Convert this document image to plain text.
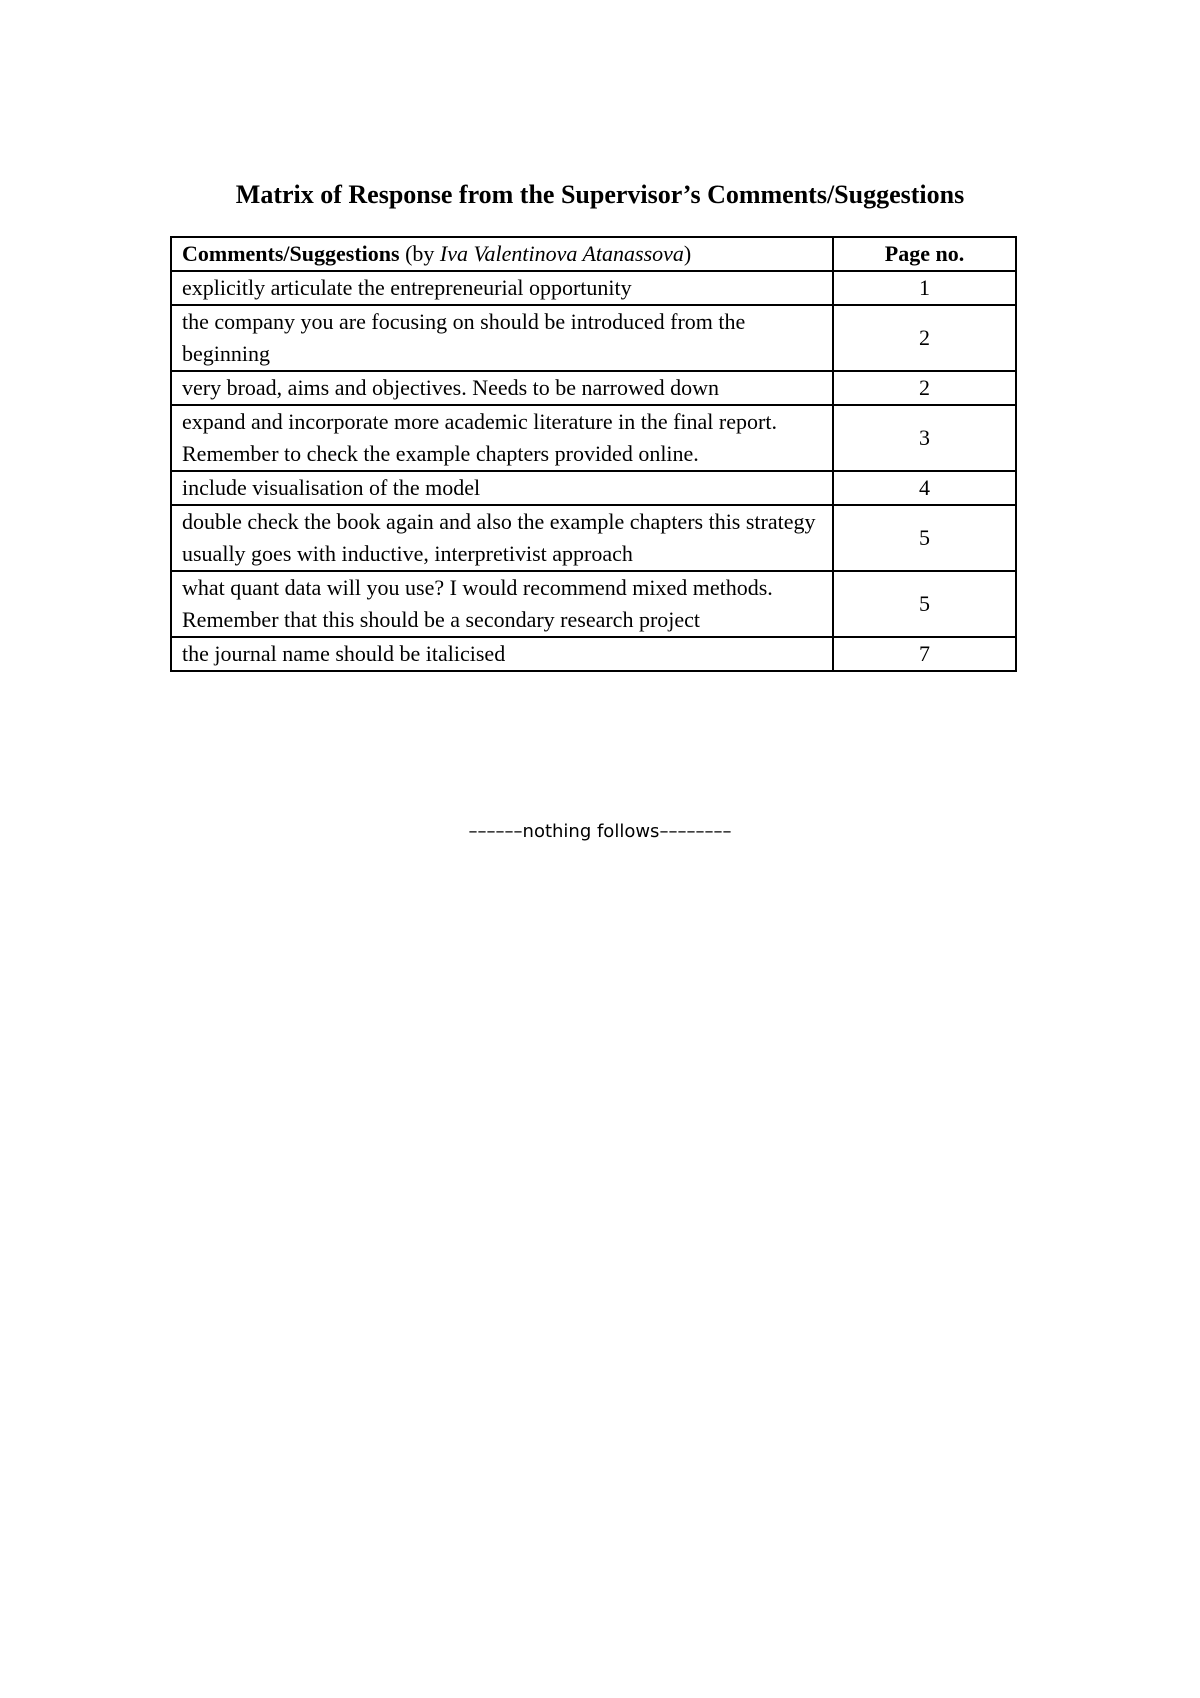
Matrix of Response from the Supervisor’s Comments/Suggestions
Comments/Suggestions (by Iva Valentinova Atanassova)	Page no.
explicitly articulate the entrepreneurial opportunity	1
the company you are focusing on should be introduced from the beginning	2
very broad, aims and objectives. Needs to be narrowed down	2
expand and incorporate more academic literature in the final report. Remember to check the example chapters provided online.	3
include visualisation of the model	4
double check the book again and also the example chapters this strategy usually goes with inductive, interpretivist approach	5
what quant data will you use? I would recommend mixed methods. Remember that this should be a secondary research project	5
the journal name should be italicised	7
––––––nothing follows––––––––
